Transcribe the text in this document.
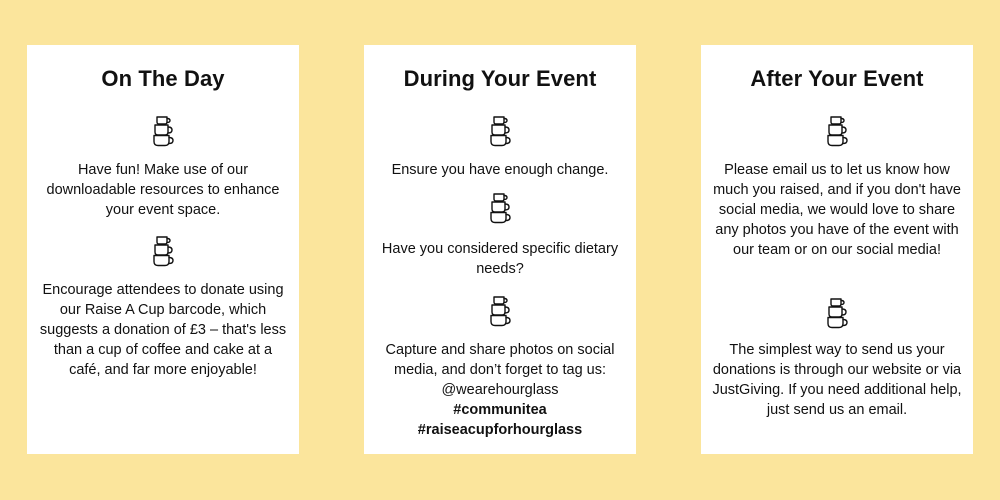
On The Day
Have fun! Make use of our downloadable resources to enhance your event space.
Encourage attendees to donate using our Raise A Cup barcode, which suggests a donation of £3 – that's less than a cup of coffee and cake at a café, and far more enjoyable!
During Your Event
Ensure you have enough change.
Have you considered specific dietary needs?
Capture and share photos on social media, and don’t forget to tag us: @wearehourglass
#communitea
#raiseacupforhourglass
After Your Event
Please email us to let us know how much you raised, and if you don't have social media, we would love to share any photos you have of the event with our team or on our social media!
The simplest way to send us your donations is through our website or via JustGiving. If you need additional help, just send us an email.
